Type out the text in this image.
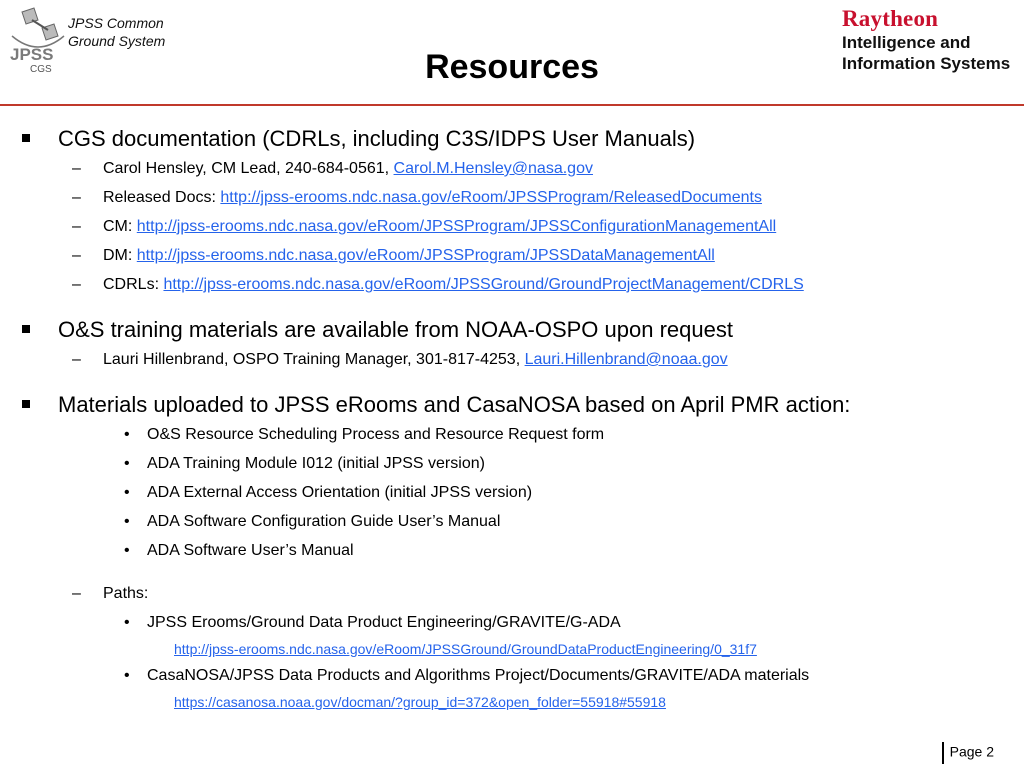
JPSS
CGS
JPSS Common
Ground System
Resources
Raytheon
Intelligence and
Information Systems
CGS documentation (CDRLs, including C3S/IDPS User Manuals)
– Carol Hensley, CM Lead, 240-684-0561, Carol.M.Hensley@nasa.gov
– Released Docs: http://jpss-erooms.ndc.nasa.gov/eRoom/JPSSProgram/ReleasedDocuments
– CM: http://jpss-erooms.ndc.nasa.gov/eRoom/JPSSProgram/JPSSConfigurationManagementAll
– DM: http://jpss-erooms.ndc.nasa.gov/eRoom/JPSSProgram/JPSSDataManagementAll
– CDRLs: http://jpss-erooms.ndc.nasa.gov/eRoom/JPSSGround/GroundProjectManagement/CDRLS
O&S training materials are available from NOAA-OSPO upon request
– Lauri Hillenbrand, OSPO Training Manager, 301-817-4253, Lauri.Hillenbrand@noaa.gov
Materials uploaded to JPSS eRooms and CasaNOSA based on April PMR action:
• O&S Resource Scheduling Process and Resource Request form
• ADA Training Module I012 (initial JPSS version)
• ADA External Access Orientation (initial JPSS version)
• ADA Software Configuration Guide User’s Manual
• ADA Software User’s Manual
– Paths:
• JPSS Erooms/Ground Data Product Engineering/GRAVITE/G-ADA
http://jpss-erooms.ndc.nasa.gov/eRoom/JPSSGround/GroundDataProductEngineering/0_31f7
• CasaNOSA/JPSS Data Products and Algorithms Project/Documents/GRAVITE/ADA materials
https://casanosa.noaa.gov/docman/?group_id=372&open_folder=55918#55918
Page 2
